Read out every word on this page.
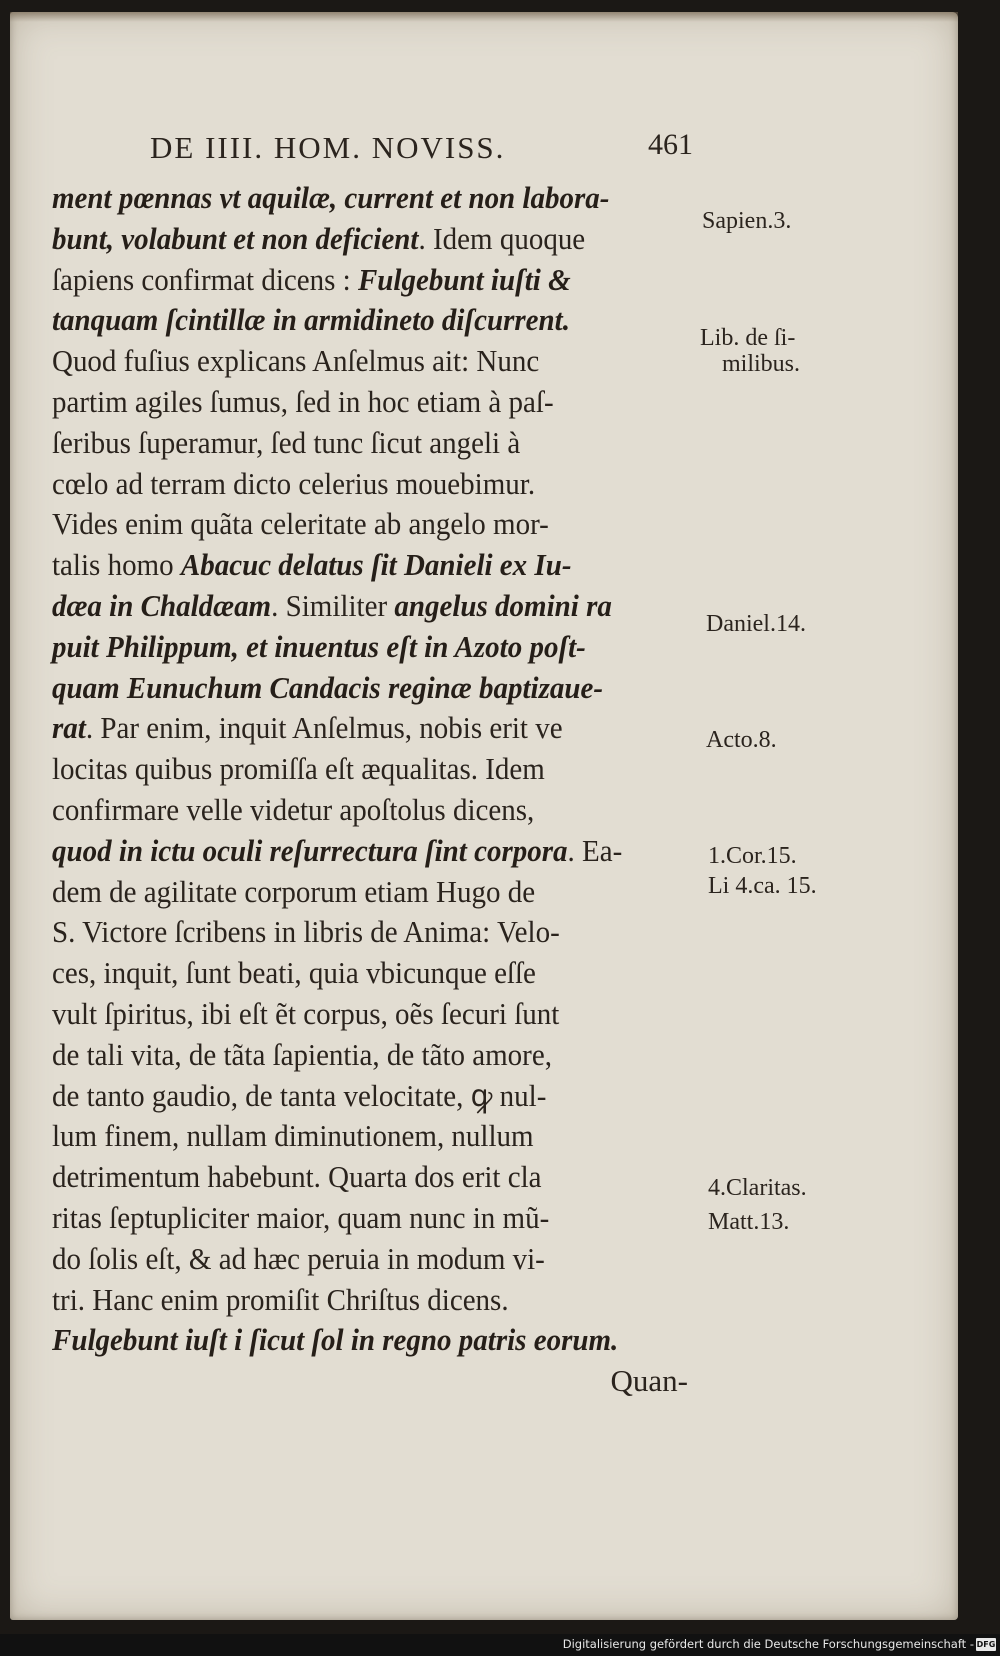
DE IIII. HOM. NOVISS.	461
ment pœnnas vt aquilæ, current et non labora-
bunt, volabunt et non deficient. Idem quoque
ſapiens confirmat dicens : Fulgebunt iuſti &
tanquam ſcintillæ in armidineto diſcurrent.
Quod fuſius explicans Anſelmus ait: Nunc
partim agiles ſumus, ſed in hoc etiam à paſ-
ſeribus ſuperamur, ſed tunc ſicut angeli à
cœlo ad terram dicto celerius mouebimur.
Vides enim quãta celeritate ab angelo mor-
talis homo Abacuc delatus ſit Danieli ex Iu-
dæa in Chaldæam. Similiter angelus domini ra
puit Philippum, et inuentus eſt in Azoto poſt-
quam Eunuchum Candacis reginæ baptizaue-
rat. Par enim, inquit Anſelmus, nobis erit ve
locitas quibus promiſſa eſt æqualitas. Idem
confirmare velle videtur apoſtolus dicens,
quod in ictu oculi reſurrectura ſint corpora. Ea-
dem de agilitate corporum etiam Hugo de
S. Victore ſcribens in libris de Anima: Velo-
ces, inquit, ſunt beati, quia vbicunque eſſe
vult ſpiritus, ibi eſt ẽt corpus, oẽs ſecuri ſunt
de tali vita, de tãta ſapientia, de tãto amore,
de tanto gaudio, de tanta velocitate, ꝙ nul-
lum finem, nullam diminutionem, nullum
detrimentum habebunt. Quarta dos erit cla
ritas ſeptupliciter maior, quam nunc in mũ-
do ſolis eſt, & ad hæc peruia in modum vi-
tri. Hanc enim promiſit Chriſtus dicens.
Fulgebunt iuſt i ſicut ſol in regno patris eorum.
Quan-
Sapien.3.
Lib. de ſi-
milibus.
Daniel.14.
Acto.8.
1.Cor.15.
Li 4.ca. 15.
4.Claritas.
Matt.13.
Digitalisierung gefördert durch die Deutsche Forschungsgemeinschaft - DFG
